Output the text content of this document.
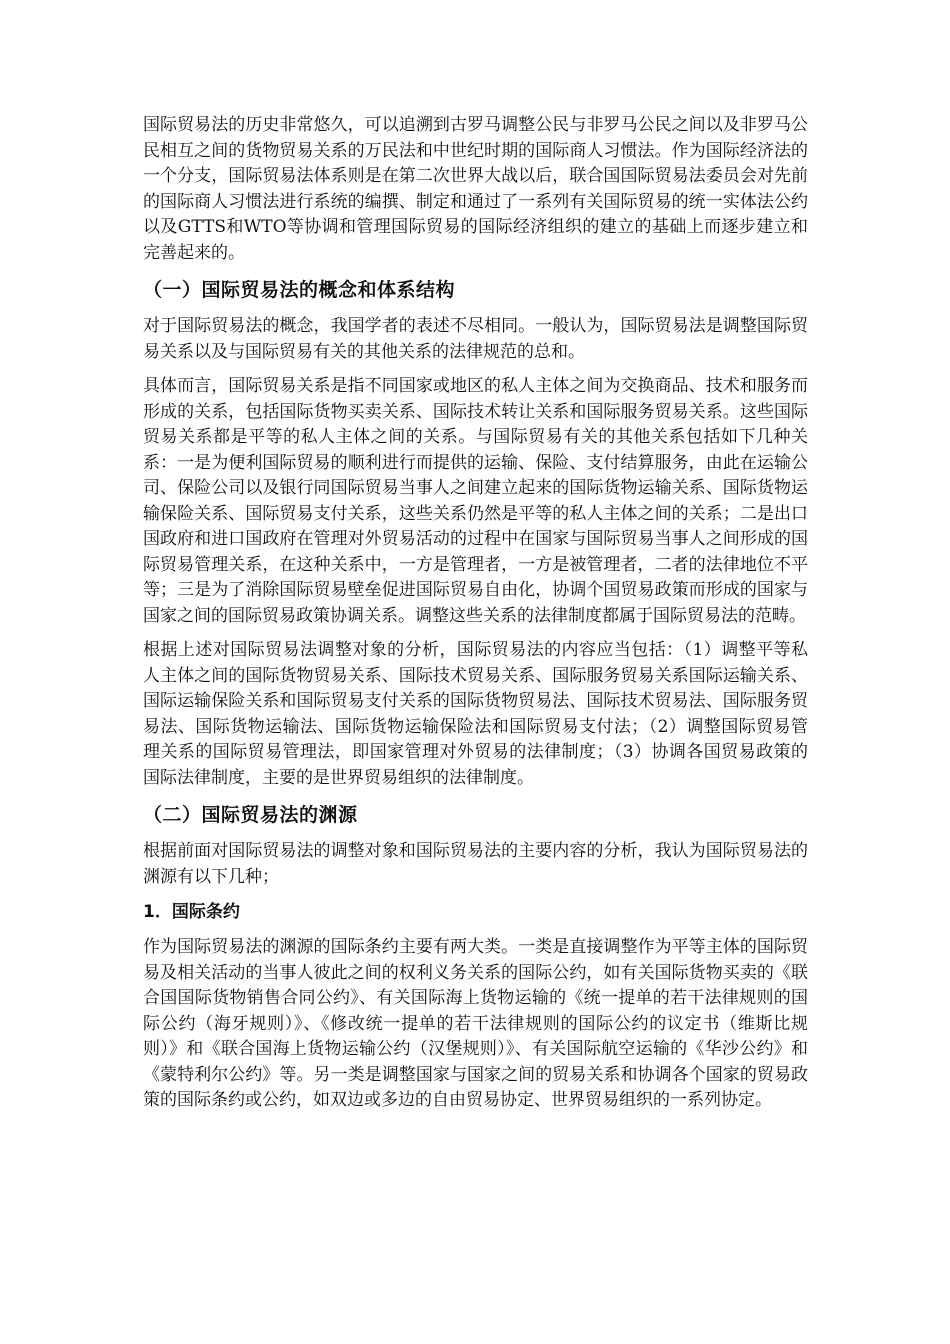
国际贸易法的历史非常悠久，可以追溯到古罗马调整公民与非罗马公民之间以及非罗马公民相互之间的货物贸易关系的万民法和中世纪时期的国际商人习惯法。作为国际经济法的一个分支，国际贸易法体系则是在第二次世界大战以后，联合国国际贸易法委员会对先前的国际商人习惯法进行系统的编撰、制定和通过了一系列有关国际贸易的统一实体法公约以及GTTS和WTO等协调和管理国际贸易的国际经济组织的建立的基础上而逐步建立和完善起来的。

（一）国际贸易法的概念和体系结构

对于国际贸易法的概念，我国学者的表述不尽相同。一般认为，国际贸易法是调整国际贸易关系以及与国际贸易有关的其他关系的法律规范的总和。

具体而言，国际贸易关系是指不同国家或地区的私人主体之间为交换商品、技术和服务而形成的关系，包括国际货物买卖关系、国际技术转让关系和国际服务贸易关系。这些国际贸易关系都是平等的私人主体之间的关系。与国际贸易有关的其他关系包括如下几种关系：一是为便利国际贸易的顺利进行而提供的运输、保险、支付结算服务，由此在运输公司、保险公司以及银行同国际贸易当事人之间建立起来的国际货物运输关系、国际货物运输保险关系、国际贸易支付关系，这些关系仍然是平等的私人主体之间的关系；二是出口国政府和进口国政府在管理对外贸易活动的过程中在国家与国际贸易当事人之间形成的国际贸易管理关系，在这种关系中，一方是管理者，一方是被管理者，二者的法律地位不平等；三是为了消除国际贸易壁垒促进国际贸易自由化，协调个国贸易政策而形成的国家与国家之间的国际贸易政策协调关系。调整这些关系的法律制度都属于国际贸易法的范畴。

根据上述对国际贸易法调整对象的分析，国际贸易法的内容应当包括：（1）调整平等私人主体之间的国际货物贸易关系、国际技术贸易关系、国际服务贸易关系国际运输关系、国际运输保险关系和国际贸易支付关系的国际货物贸易法、国际技术贸易法、国际服务贸易法、国际货物运输法、国际货物运输保险法和国际贸易支付法；（2）调整国际贸易管理关系的国际贸易管理法，即国家管理对外贸易的法律制度；（3）协调各国贸易政策的国际法律制度，主要的是世界贸易组织的法律制度。

（二）国际贸易法的渊源

根据前面对国际贸易法的调整对象和国际贸易法的主要内容的分析，我认为国际贸易法的渊源有以下几种；

1．国际条约

作为国际贸易法的渊源的国际条约主要有两大类。一类是直接调整作为平等主体的国际贸易及相关活动的当事人彼此之间的权利义务关系的国际公约，如有关国际货物买卖的《联合国国际货物销售合同公约》、有关国际海上货物运输的《统一提单的若干法律规则的国际公约（海牙规则）》、《修改统一提单的若干法律规则的国际公约的议定书（维斯比规则）》和《联合国海上货物运输公约（汉堡规则）》、有关国际航空运输的《华沙公约》和《蒙特利尔公约》等。另一类是调整国家与国家之间的贸易关系和协调各个国家的贸易政策的国际条约或公约，如双边或多边的自由贸易协定、世界贸易组织的一系列协定。
